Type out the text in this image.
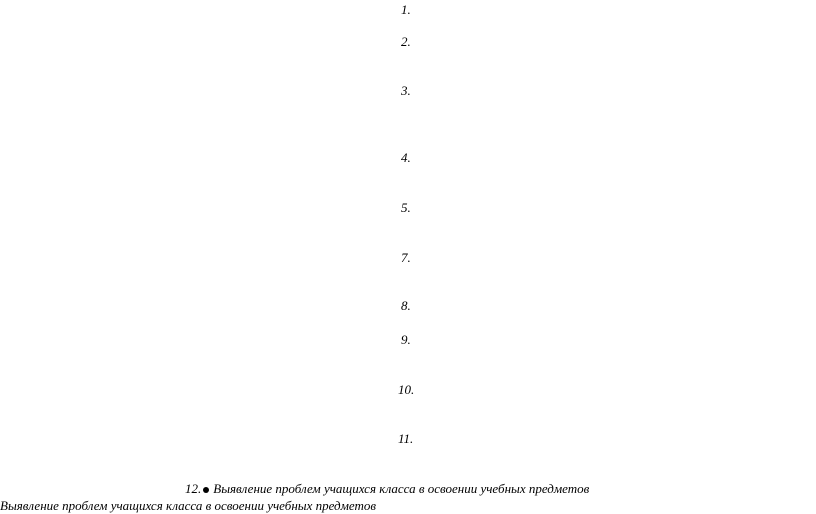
1.
2.
3.
4.
5.
7.
8.
9.
10.
11.
12. Выявление проблем учащихся класса в освоении учебных предметов
Выявление проблем учащихся класса в освоении учебных предметов
